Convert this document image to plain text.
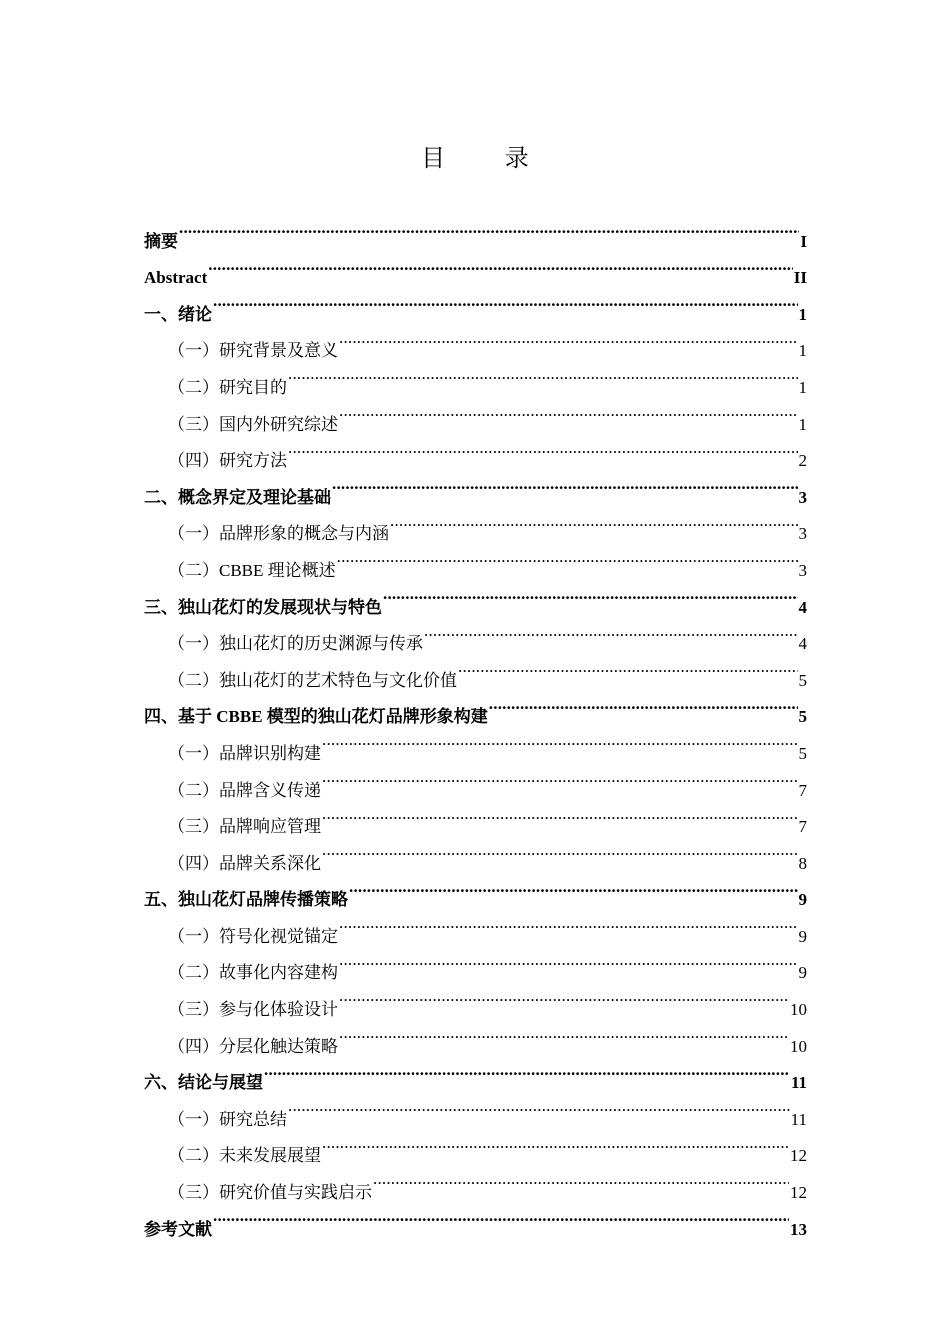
目 录
摘要 .....	I
Abstract .....	II
一、绪论 .....	1
（一）研究背景及意义 .....	1
（二）研究目的 .....	1
（三）国内外研究综述 .....	1
（四）研究方法 .....	2
二、概念界定及理论基础 .....	3
（一）品牌形象的概念与内涵 .....	3
（二）CBBE 理论概述 .....	3
三、独山花灯的发展现状与特色 .....	4
（一）独山花灯的历史渊源与传承 .....	4
（二）独山花灯的艺术特色与文化价值 .....	5
四、基于 CBBE 模型的独山花灯品牌形象构建 .....	5
（一）品牌识别构建 .....	5
（二）品牌含义传递 .....	7
（三）品牌响应管理 .....	7
（四）品牌关系深化 .....	8
五、独山花灯品牌传播策略 .....	9
（一）符号化视觉锚定 .....	9
（二）故事化内容建构 .....	9
（三）参与化体验设计 .....	10
（四）分层化触达策略 .....	10
六、结论与展望 .....	11
（一）研究总结 .....	11
（二）未来发展展望 .....	12
（三）研究价值与实践启示 .....	12
参考文献 .....	13
